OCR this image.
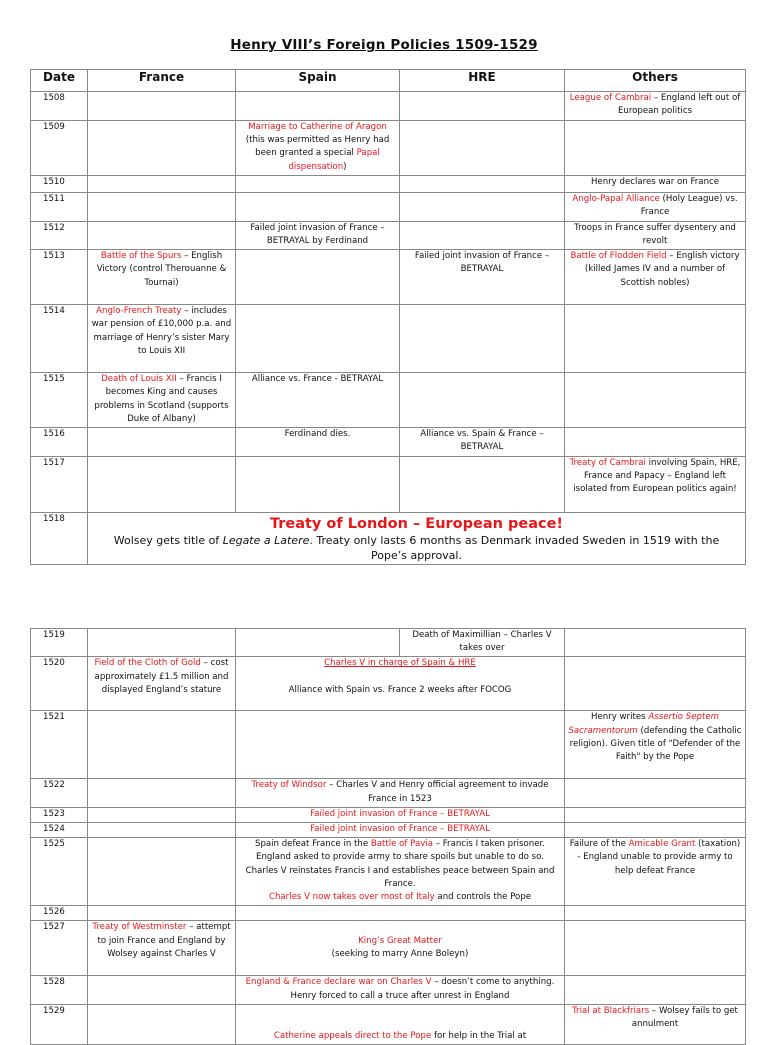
Henry VIII’s Foreign Policies 1509-1529
Date	France	Spain	HRE	Others
1508				League of Cambrai – England left out of European politics
1509		Marriage to Catherine of Aragon (this was permitted as Henry had been granted a special Papal dispensation)		
1510				Henry declares war on France
1511				Anglo-Papal Alliance (Holy League) vs. France
1512		Failed joint invasion of France – BETRAYAL by Ferdinand		Troops in France suffer dysentery and revolt
1513	Battle of the Spurs – English Victory (control Therouanne & Tournai)		Failed joint invasion of France – BETRAYAL	Battle of Flodden Field – English victory (killed James IV and a number of Scottish nobles)
1514	Anglo-French Treaty – includes war pension of £10,000 p.a. and marriage of Henry’s sister Mary to Louis XII			
1515	Death of Louis XII – Francis I becomes King and causes problems in Scotland (supports Duke of Albany)	Alliance vs. France - BETRAYAL		
1516		Ferdinand dies.	Alliance vs. Spain & France – BETRAYAL	
1517				Treaty of Cambrai involving Spain, HRE, France and Papacy – England left isolated from European politics again!
1518	Treaty of London – European peace!
Wolsey gets title of Legate a Latere. Treaty only lasts 6 months as Denmark invaded Sweden in 1519 with the Pope’s approval.			
1519			Death of Maximillian – Charles V takes over	
1520	Field of the Cloth of Gold – cost approximately £1.5 million and displayed England’s stature	Charles V in charge of Spain & HRE
Alliance with Spain vs. France 2 weeks after FOCOG		
1521				Henry writes Assertio Septem Sacramentorum (defending the Catholic religion). Given title of "Defender of the Faith" by the Pope
1522		Treaty of Windsor – Charles V and Henry official agreement to invade France in 1523		
1523		Failed joint invasion of France – BETRAYAL		
1524		Failed joint invasion of France – BETRAYAL		
1525		Spain defeat France in the Battle of Pavia – Francis I taken prisoner. England asked to provide army to share spoils but unable to do so. Charles V reinstates Francis I and establishes peace between Spain and France.
Charles V now takes over most of Italy and controls the Pope		Failure of the Amicable Grant (taxation) - England unable to provide army to help defeat France
1526				
1527	Treaty of Westminster – attempt to join France and England by Wolsey against Charles V	King’s Great Matter
(seeking to marry Anne Boleyn)		
1528		England & France declare war on Charles V – doesn’t come to anything. Henry forced to call a truce after unrest in England		
1529		Catherine appeals direct to the Pope for help in the Trial at		Trial at Blackfriars – Wolsey fails to get annulment
